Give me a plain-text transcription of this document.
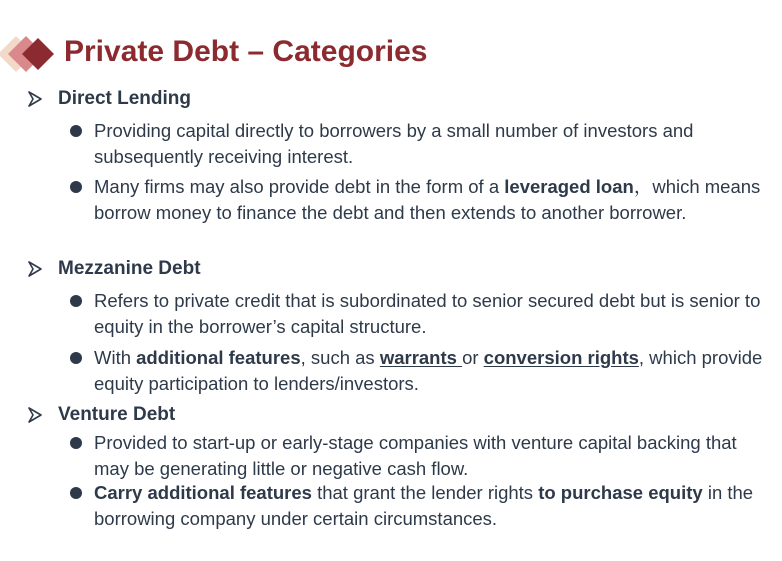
Private Debt – Categories
Direct Lending
Providing capital directly to borrowers by a small number of investors and subsequently receiving interest.
Many firms may also provide debt in the form of a leveraged loan，which means borrow money to finance the debt and then extends to another borrower.
Mezzanine Debt
Refers to private credit that is subordinated to senior secured debt but is senior to equity in the borrower’s capital structure.
With additional features, such as warrants or conversion rights, which provide equity participation to lenders/investors.
Venture Debt
Provided to start-up or early-stage companies with venture capital backing that may be generating little or negative cash flow.
Carry additional features that grant the lender rights to purchase equity in the borrowing company under certain circumstances.
